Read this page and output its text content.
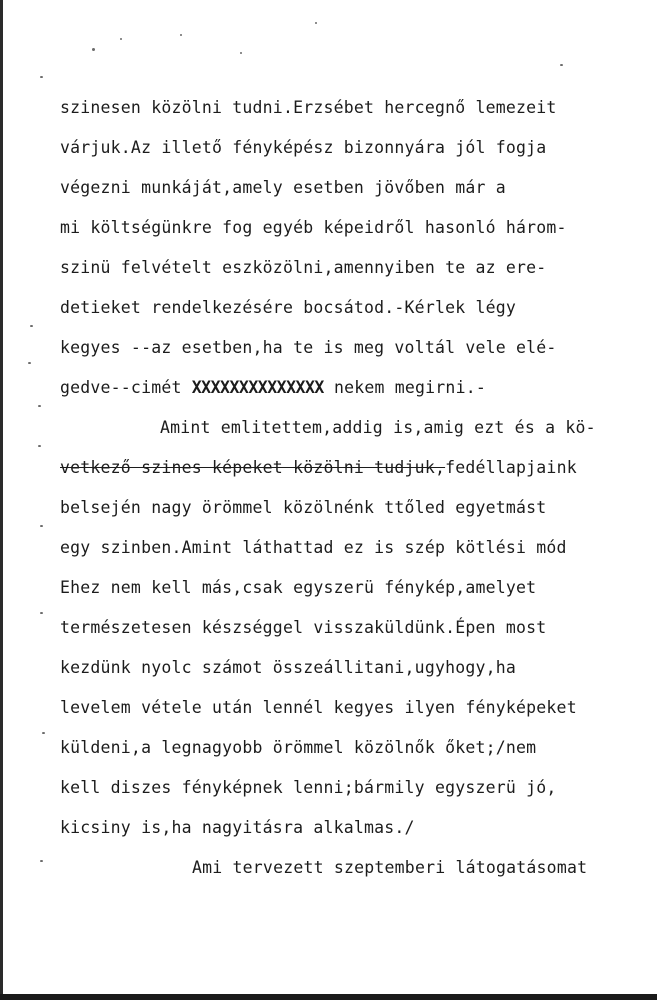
szinesen közölni tudni.Erzsébet hercegnő lemezeit
várjuk.Az illető fényképész bizonnyára jól fogja
végezni munkáját,amely esetben jövőben már a
mi költségünkre fog egyéb képeidről hasonló három-
szinü felvételt eszközölni,amennyiben te az ere-
detieket rendelkezésére bocsátod.-Kérlek légy
kegyes --az esetben,ha te is meg voltál vele elé-
gedve--cimét XXXXXXXXXXXXXX nekem megirni.-
Amint emlitettem,addig is,amig ezt és a kö-
vetkező szines képeket közölni tudjuk,fedéllapjaink
belsején nagy örömmel közölnénk ttőled egyetmást
egy szinben.Amint láthattad ez is szép kötlési mód
Ehez nem kell más,csak egyszerü fénykép,amelyet
természetesen készséggel visszaküldünk.Épen most
kezdünk nyolc számot összeállitani,ugyhogy,ha
levelem vétele után lennél kegyes ilyen fényképeket
küldeni,a legnagyobb örömmel közölnők őket;/nem
kell diszes fényképnek lenni;bármily egyszerü jó,
kicsiny is,ha nagyitásra alkalmas./
Ami tervezett szeptemberi látogatásomat
